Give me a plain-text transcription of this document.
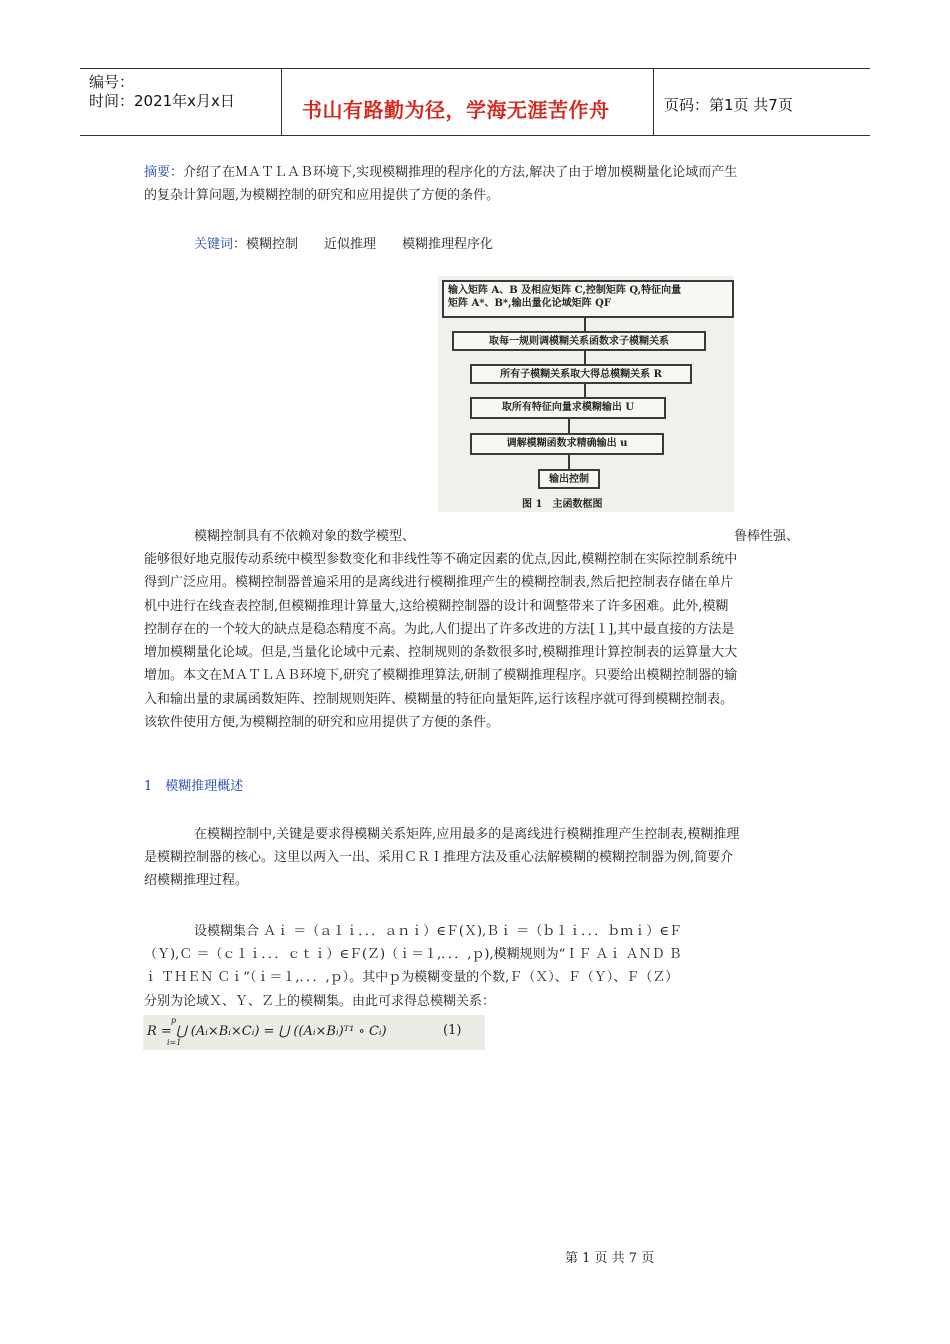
编号：
时间：2021年x月x日	书山有路勤为径，学海无涯苦作舟	页码：第1页 共7页
摘要：介绍了在ＭＡＴＬＡＢ环境下,实现模糊推理的程序化的方法,解决了由于增加模糊量化论域而产生
的复杂计算问题,为模糊控制的研究和应用提供了方便的条件。
关键词：模糊控制　　近似推理　　模糊推理程序化
输入矩阵 A、B 及相应矩阵 C,控制矩阵 Q,特征向量
矩阵 A*、B*,输出量化论域矩阵 QF
取每一规则调模糊关系函数求子模糊关系
所有子模糊关系取大得总模糊关系 R
取所有特征向量求模糊输出 U
调解模糊函数求精确输出 u
输出控制
图 1　主函数框图
模糊控制具有不依赖对象的数学模型、	鲁棒性强、
能够很好地克服传动系统中模型参数变化和非线性等不确定因素的优点,因此,模糊控制在实际控制系统中
得到广泛应用。模糊控制器普遍采用的是离线进行模糊推理产生的模糊控制表,然后把控制表存储在单片
机中进行在线查表控制,但模糊推理计算量大,这给模糊控制器的设计和调整带来了许多困难。此外,模糊
控制存在的一个较大的缺点是稳态精度不高。为此,人们提出了许多改进的方法[１],其中最直接的方法是
增加模糊量化论域。但是,当量化论域中元素、控制规则的条数很多时,模糊推理计算控制表的运算量大大
增加。本文在ＭＡＴＬＡＢ环境下,研究了模糊推理算法,研制了模糊推理程序。只要给出模糊控制器的输
入和输出量的隶属函数矩阵、控制规则矩阵、模糊量的特征向量矩阵,运行该程序就可得到模糊控制表。
该软件使用方便,为模糊控制的研究和应用提供了方便的条件。
1　模糊推理概述
在模糊控制中,关键是要求得模糊关系矩阵,应用最多的是离线进行模糊推理产生控制表,模糊推理
是模糊控制器的核心。这里以两入一出、采用ＣＲＩ推理方法及重心法解模糊的模糊控制器为例,简要介
绍模糊推理过程。
设模糊集合 Ａｉ ＝（ａ１ｉ．．．ａｎｉ）∈Ｆ(Ｘ),Ｂｉ ＝（ｂ１ｉ．．．ｂｍｉ）∈Ｆ
（Ｙ),Ｃ ＝（ｃ１ｉ．．．ｃｔｉ）∈Ｆ(Ｚ)（ｉ＝１,．．．,ｐ),模糊规则为“ＩＦ Ａｉ ＡＮＤ Ｂ
ｉ ＴＨＥＮ Ｃｉ”（ｉ＝１,．．．,ｐ）。其中ｐ为模糊变量的个数,Ｆ（Ｘ）、Ｆ（Ｙ）、Ｆ（Ｚ）
分别为论域Ｘ、Ｙ、Ｚ上的模糊集。由此可求得总模糊关系：
R = ⋃ (Aᵢ×Bᵢ×Cᵢ) = ⋃ ((Aᵢ×Bᵢ)ᵀ¹ ∘ Cᵢ)
i=1
p
(1)
第 1 页 共 7 页
